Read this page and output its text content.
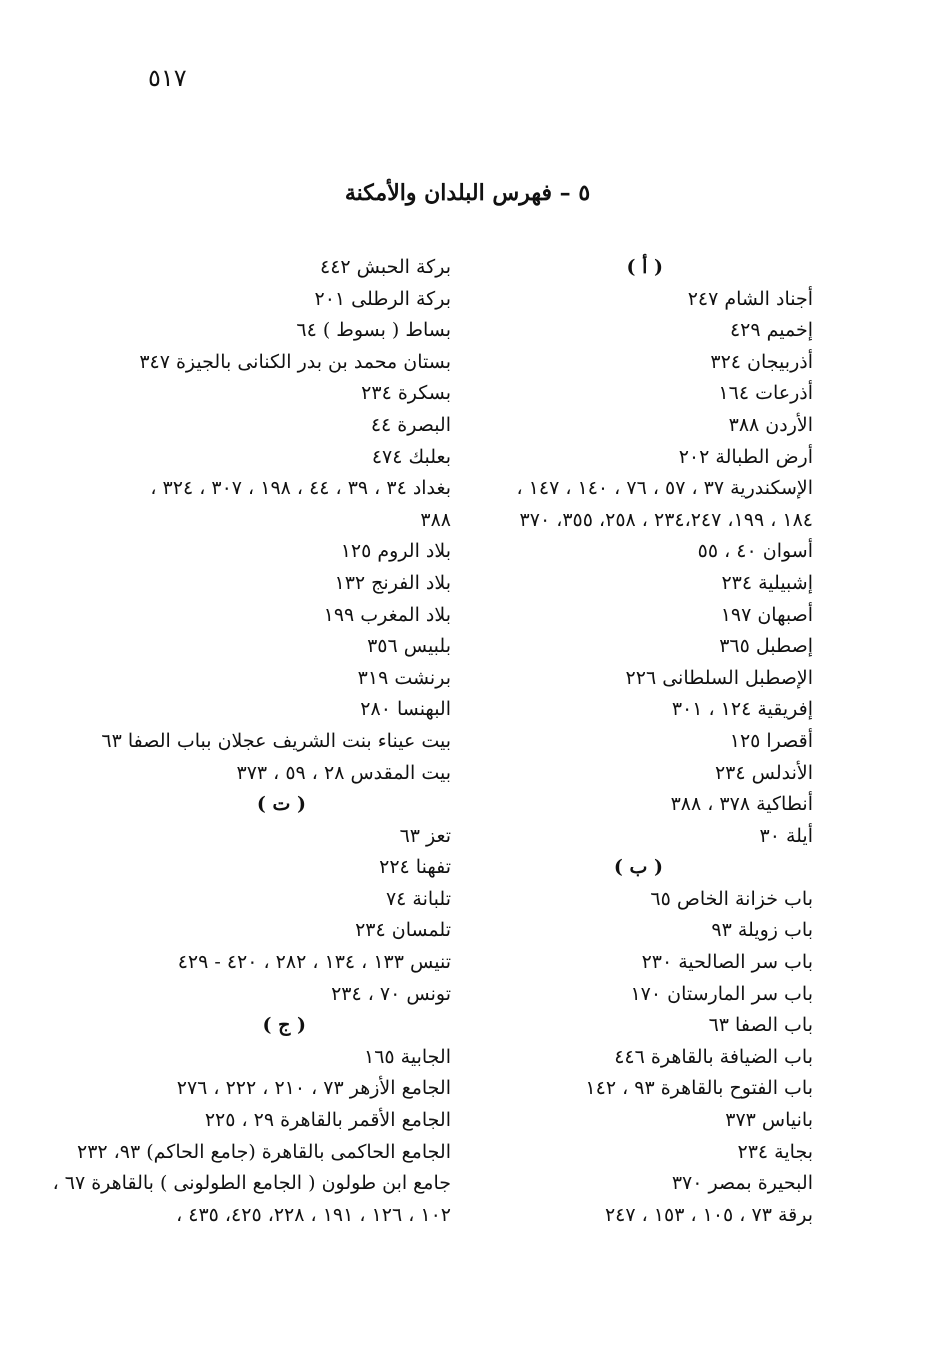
٥١٧
٥ – فهرس البلدان والأمكنة
( أ )
أجناد الشام ٢٤٧
إخميم ٤٢٩
أذربيجان ٣٢٤
أذرعات ١٦٤
الأردن ٣٨٨
أرض الطبالة ٢٠٢
الإسكندرية ٣٧ ، ٥٧ ، ٧٦ ، ١٤٠ ، ١٤٧ ،
١٨٤ ، ١٩٩، ٢٣٤،٢٤٧ ، ٢٥٨، ٣٥٥، ٣٧٠
أسوان ٤٠ ، ٥٥
إشبيلية ٢٣٤
أصبهان ١٩٧
إصطبل ٣٦٥
الإصطبل السلطانى ٢٢٦
إفريقية ١٢٤ ، ٣٠١
أقصرا ١٢٥
الأندلس ٢٣٤
أنطاكية ٣٧٨ ، ٣٨٨
أيلة ٣٠
( ب )
باب خزانة الخاص ٦٥
باب زويلة ٩٣
باب سر الصالحية ٢٣٠
باب سر المارستان ١٧٠
باب الصفا ٦٣
باب الضيافة بالقاهرة ٤٤٦
باب الفتوح بالقاهرة ٩٣ ، ١٤٢
بانياس ٣٧٣
بجاية ٢٣٤
البحيرة بمصر ٣٧٠
برقة ٧٣ ، ١٠٥ ، ١٥٣ ، ٢٤٧
بركة الحبش ٤٤٢
بركة الرطلى ٢٠١
بساط ( بسوط ) ٦٤
بستان محمد بن بدر الكنانى بالجيزة ٣٤٧
بسكرة ٢٣٤
البصرة ٤٤
بعلبك ٤٧٤
بغداد ٣٤ ، ٣٩ ، ٤٤ ، ١٩٨ ، ٣٠٧ ، ٣٢٤ ،
٣٨٨
بلاد الروم ١٢٥
بلاد الفرنج ١٣٢
بلاد المغرب ١٩٩
بلبيس ٣٥٦
برنشت ٣١٩
البهنسا ٢٨٠
بيت عيناء بنت الشريف عجلان بباب الصفا ٦٣
بيت المقدس ٢٨ ، ٥٩ ، ٣٧٣
( ت )
تعز ٦٣
تفهنا ٢٢٤
تلبانة ٧٤
تلمسان ٢٣٤
تنيس ١٣٣ ، ١٣٤ ، ٢٨٢ ، ٤٢٠ - ٤٢٩
تونس ٧٠ ، ٢٣٤
( ج )
الجابية ١٦٥
الجامع الأزهر ٧٣ ، ٢١٠ ، ٢٢٢ ، ٢٧٦
الجامع الأقمر بالقاهرة ٢٩ ، ٢٢٥
الجامع الحاكمى بالقاهرة (جامع الحاكم) ٩٣، ٢٣٢
جامع ابن طولون ( الجامع الطولونى ) بالقاهرة ٦٧ ،
١٠٢ ، ١٢٦ ، ١٩١ ، ٢٢٨، ٤٢٥، ٤٣٥ ،
